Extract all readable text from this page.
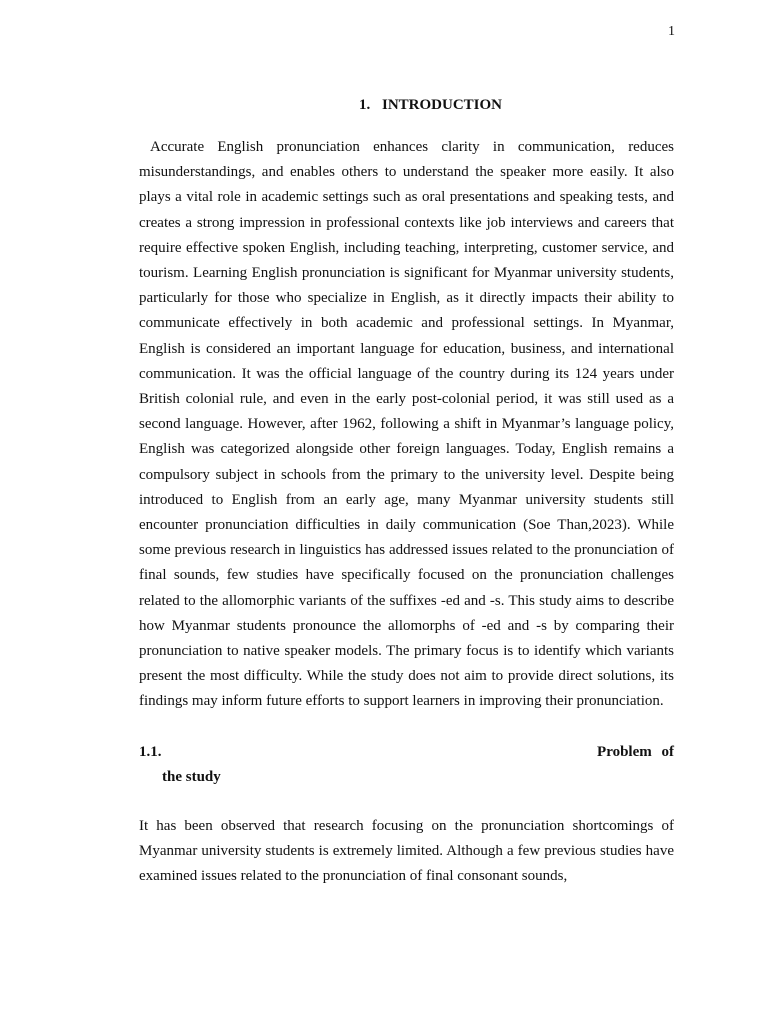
1
1. INTRODUCTION

Accurate English pronunciation enhances clarity in communication, reduces misunderstandings, and enables others to understand the speaker more easily. It also plays a vital role in academic settings such as oral presentations and speaking tests, and creates a strong impression in professional contexts like job interviews and careers that require effective spoken English, including teaching, interpreting, customer service, and tourism. Learning English pronunciation is significant for Myanmar university students, particularly for those who specialize in English, as it directly impacts their ability to communicate effectively in both academic and professional settings. In Myanmar, English is considered an important language for education, business, and international communication. It was the official language of the country during its 124 years under British colonial rule, and even in the early post-colonial period, it was still used as a second language. However, after 1962, following a shift in Myanmar’s language policy, English was categorized alongside other foreign languages. Today, English remains a compulsory subject in schools from the primary to the university level. Despite being introduced to English from an early age, many Myanmar university students still encounter pronunciation difficulties in daily communication (Soe Than,2023). While some previous research in linguistics has addressed issues related to the pronunciation of final sounds, few studies have specifically focused on the pronunciation challenges related to the allomorphic variants of the suffixes -ed and -s. This study aims to describe how Myanmar students pronounce the allomorphs of -ed and -s by comparing their pronunciation to native speaker models. The primary focus is to identify which variants present the most difficulty. While the study does not aim to provide direct solutions, its findings may inform future efforts to support learners in improving their pronunciation.

1.1.	Problem of
the study

It has been observed that research focusing on the pronunciation shortcomings of Myanmar university students is extremely limited. Although a few previous studies have examined issues related to the pronunciation of final consonant sounds,
